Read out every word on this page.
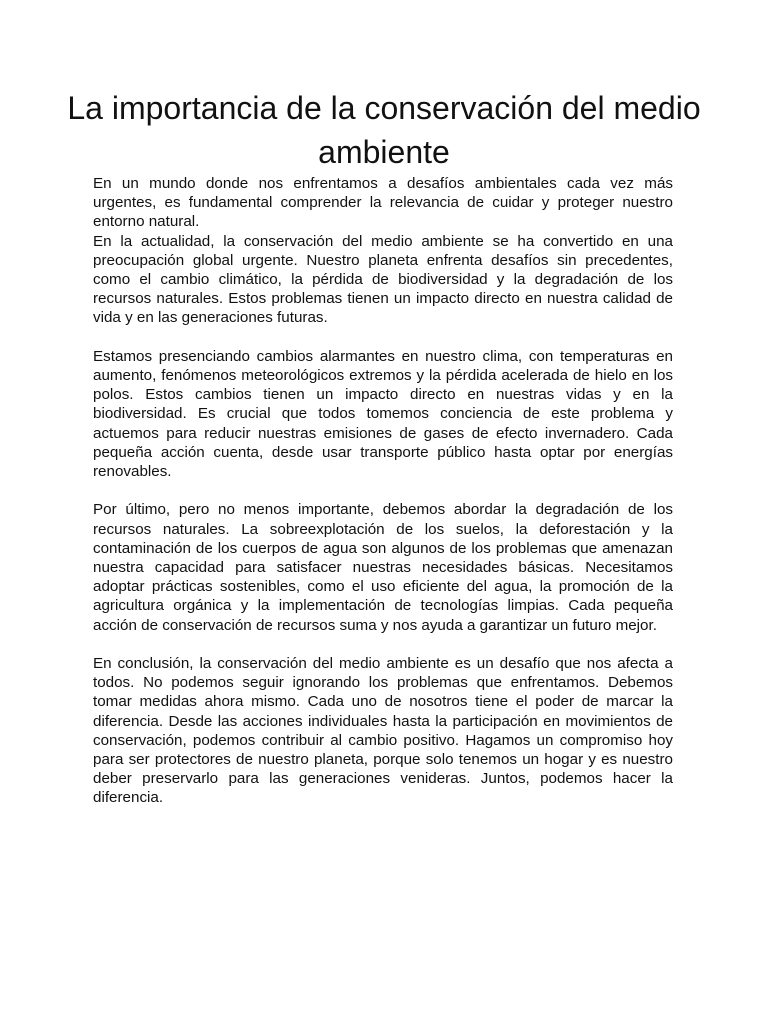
La importancia de la conservación del medio ambiente

En un mundo donde nos enfrentamos a desafíos ambientales cada vez más urgentes, es fundamental comprender la relevancia de cuidar y proteger nuestro entorno natural.

En la actualidad, la conservación del medio ambiente se ha convertido en una preocupación global urgente. Nuestro planeta enfrenta desafíos sin precedentes, como el cambio climático, la pérdida de biodiversidad y la degradación de los recursos naturales. Estos problemas tienen un impacto directo en nuestra calidad de vida y en las generaciones futuras.

Estamos presenciando cambios alarmantes en nuestro clima, con temperaturas en aumento, fenómenos meteorológicos extremos y la pérdida acelerada de hielo en los polos. Estos cambios tienen un impacto directo en nuestras vidas y en la biodiversidad. Es crucial que todos tomemos conciencia de este problema y actuemos para reducir nuestras emisiones de gases de efecto invernadero. Cada pequeña acción cuenta, desde usar transporte público hasta optar por energías renovables.

Por último, pero no menos importante, debemos abordar la degradación de los recursos naturales. La sobreexplotación de los suelos, la deforestación y la contaminación de los cuerpos de agua son algunos de los problemas que amenazan nuestra capacidad para satisfacer nuestras necesidades básicas. Necesitamos adoptar prácticas sostenibles, como el uso eficiente del agua, la promoción de la agricultura orgánica y la implementación de tecnologías limpias. Cada pequeña acción de conservación de recursos suma y nos ayuda a garantizar un futuro mejor.

En conclusión, la conservación del medio ambiente es un desafío que nos afecta a todos. No podemos seguir ignorando los problemas que enfrentamos. Debemos tomar medidas ahora mismo. Cada uno de nosotros tiene el poder de marcar la diferencia. Desde las acciones individuales hasta la participación en movimientos de conservación, podemos contribuir al cambio positivo. Hagamos un compromiso hoy para ser protectores de nuestro planeta, porque solo tenemos un hogar y es nuestro deber preservarlo para las generaciones venideras. Juntos, podemos hacer la diferencia.
